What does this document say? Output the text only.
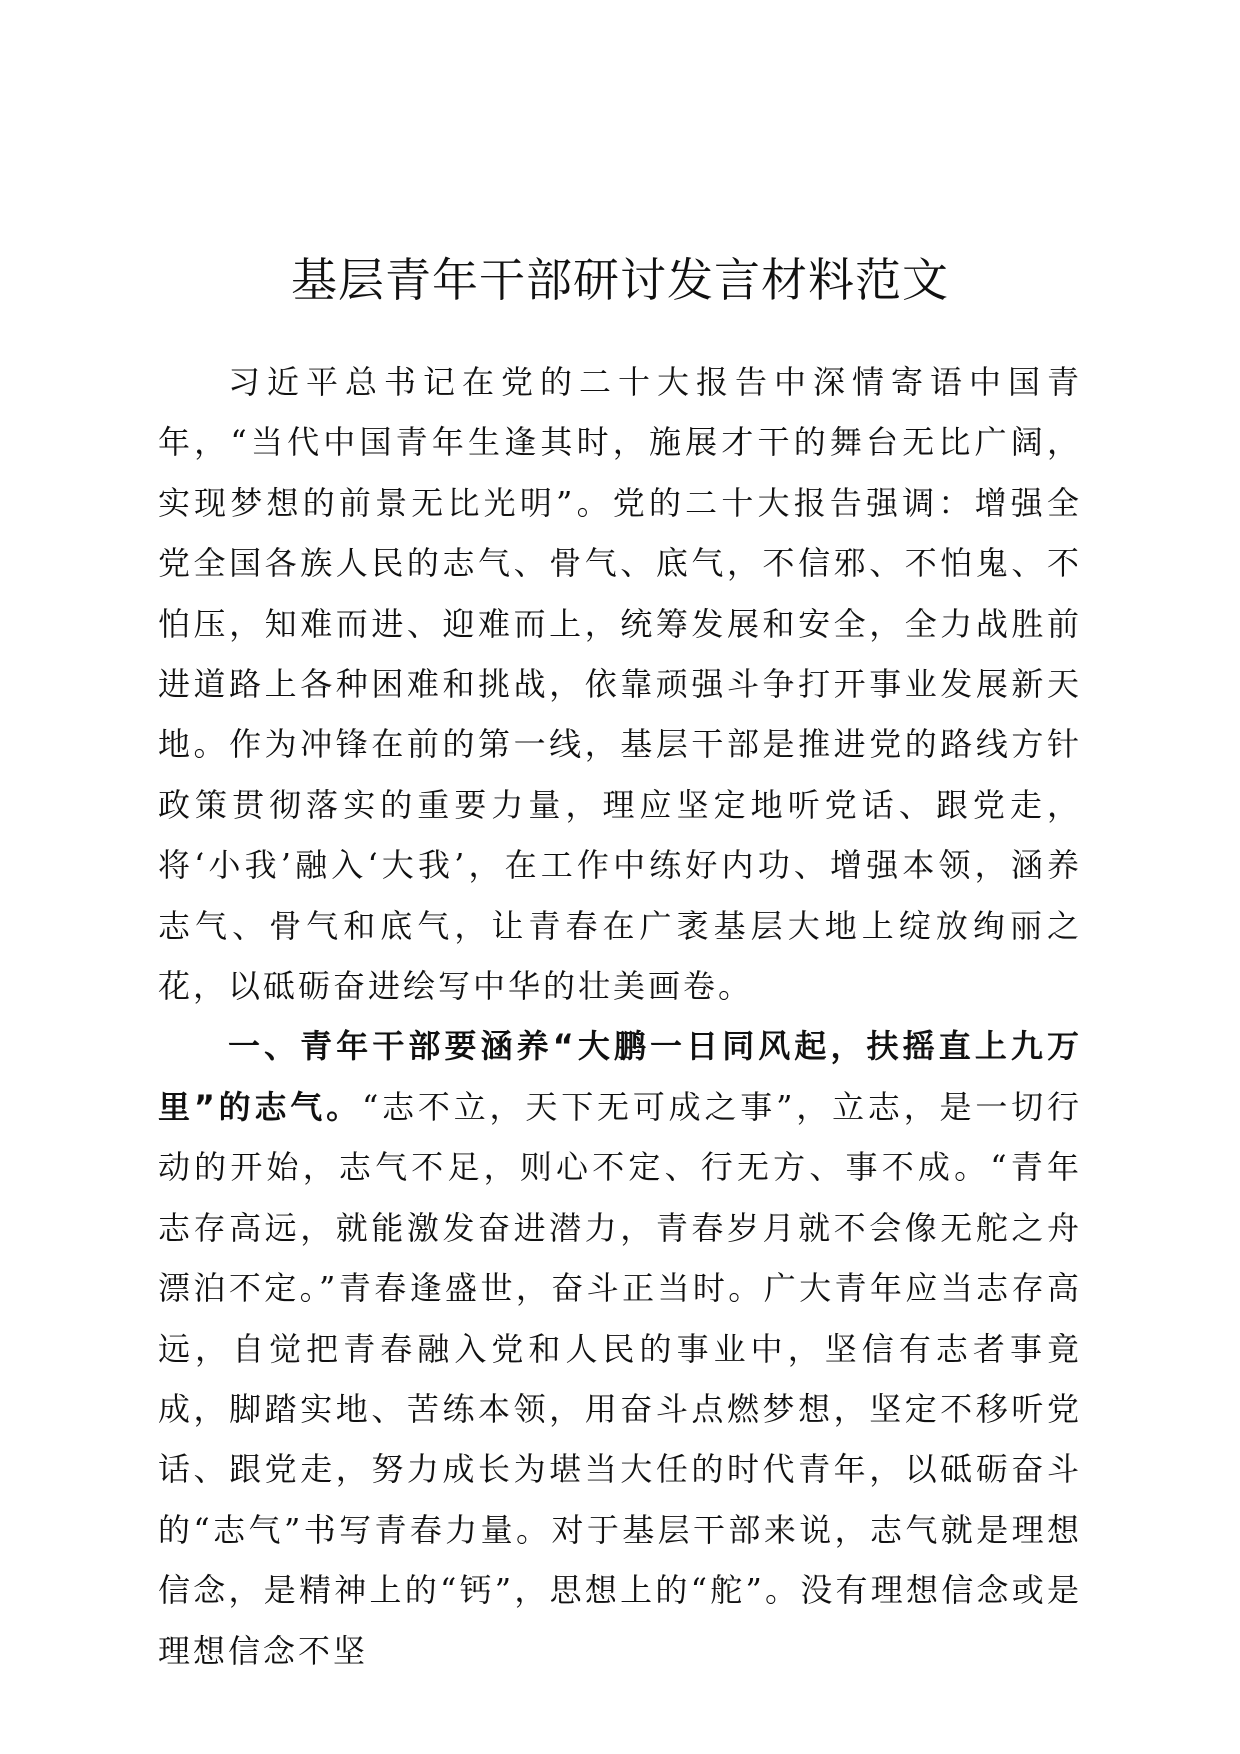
基层青年干部研讨发言材料范文

习近平总书记在党的二十大报告中深情寄语中国青年，“当代中国青年生逢其时，施展才干的舞台无比广阔，实现梦想的前景无比光明”。党的二十大报告强调：增强全党全国各族人民的志气、骨气、底气，不信邪、不怕鬼、不怕压，知难而进、迎难而上，统筹发展和安全，全力战胜前进道路上各种困难和挑战，依靠顽强斗争打开事业发展新天地。作为冲锋在前的第一线，基层干部是推进党的路线方针政策贯彻落实的重要力量，理应坚定地听党话、跟党走，将‘小我’融入‘大我’，在工作中练好内功、增强本领，涵养志气、骨气和底气，让青春在广袤基层大地上绽放绚丽之花，以砥砺奋进绘写中华的壮美画卷。

一、青年干部要涵养“大鹏一日同风起，扶摇直上九万里”的志气。“志不立，天下无可成之事”，立志，是一切行动的开始，志气不足，则心不定、行无方、事不成。“青年志存高远，就能激发奋进潜力，青春岁月就不会像无舵之舟漂泊不定。”青春逢盛世，奋斗正当时。广大青年应当志存高远，自觉把青春融入党和人民的事业中，坚信有志者事竟成，脚踏实地、苦练本领，用奋斗点燃梦想，坚定不移听党话、跟党走，努力成长为堪当大任的时代青年，以砥砺奋斗的“志气”书写青春力量。对于基层干部来说，志气就是理想信念，是精神上的“钙”，思想上的“舵”。没有理想信念或是理想信念不坚
